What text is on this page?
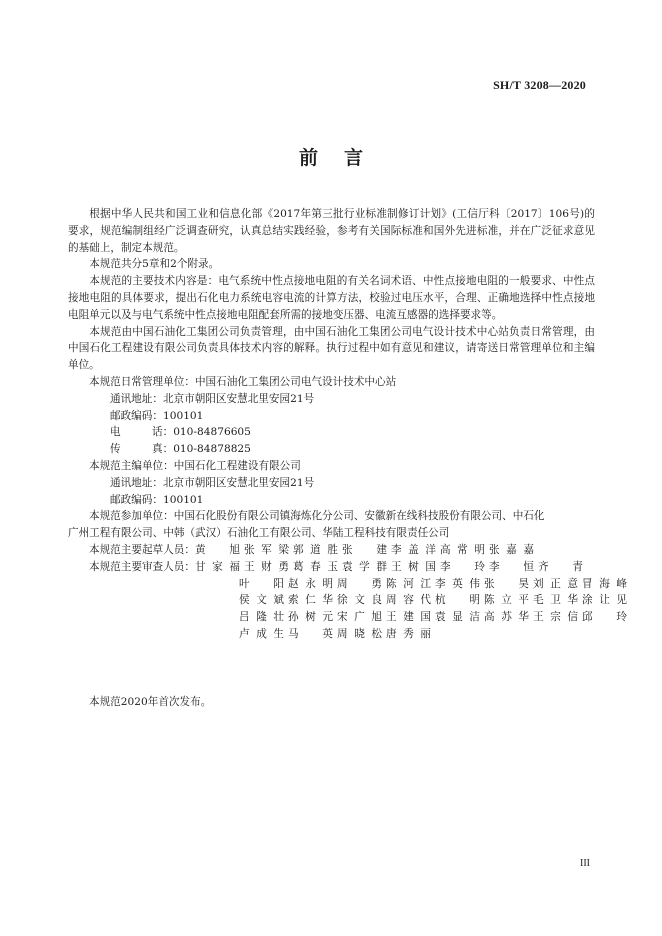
SH/T 3208—2020
前言

根据中华人民共和国工业和信息化部《2017年第三批行业标准制修订计划》(工信厅科〔2017〕106号)的要求，规范编制组经广泛调查研究，认真总结实践经验，参考有关国际标准和国外先进标准，并在广泛征求意见的基础上，制定本规范。

本规范共分5章和2个附录。

本规范的主要技术内容是：电气系统中性点接地电阻的有关名词术语、中性点接地电阻的一般要求、中性点接地电阻的具体要求，提出石化电力系统电容电流的计算方法，校验过电压水平，合理、正确地选择中性点接地电阻单元以及与电气系统中性点接地电阻配套所需的接地变压器、电流互感器的选择要求等。

本规范由中国石油化工集团公司负责管理，由中国石油化工集团公司电气设计技术中心站负责日常管理，由中国石化工程建设有限公司负责具体技术内容的解释。执行过程中如有意见和建议，请寄送日常管理单位和主编单位。

本规范日常管理单位：中国石油化工集团公司电气设计技术中心站
通讯地址：北京市朝阳区安慧北里安园21号
邮政编码：100101
电	话：010-84876605
传	真：010-84878825
本规范主编单位：中国石化工程建设有限公司
通讯地址：北京市朝阳区安慧北里安园21号
邮政编码：100101
本规范参加单位：中国石化股份有限公司镇海炼化分公司、安徽新在线科技股份有限公司、中石化
广州工程有限公司、中韩（武汉）石油化工有限公司、华陆工程科技有限责任公司
本规范主要起草人员：黄旭 张军梁 郭道胜 张建 李盖洋 高常明 张嘉嘉
本规范主要审查人员：甘家福 王财勇 葛春玉 袁学群 王树国 李玲 李恒 齐青
叶阳 赵永明 周勇 陈河江 李英伟 张昊 刘正意 冒海峰
侯文斌 索仁华 徐文良 周容代 杭明 陈立平 毛卫华 涂让见
吕隆壮 孙树元 宋广旭 王建国 袁显洁 高苏华 王宗信 邱玲
卢成生 马英 周晓松 唐秀丽
本规范2020年首次发布。
III
